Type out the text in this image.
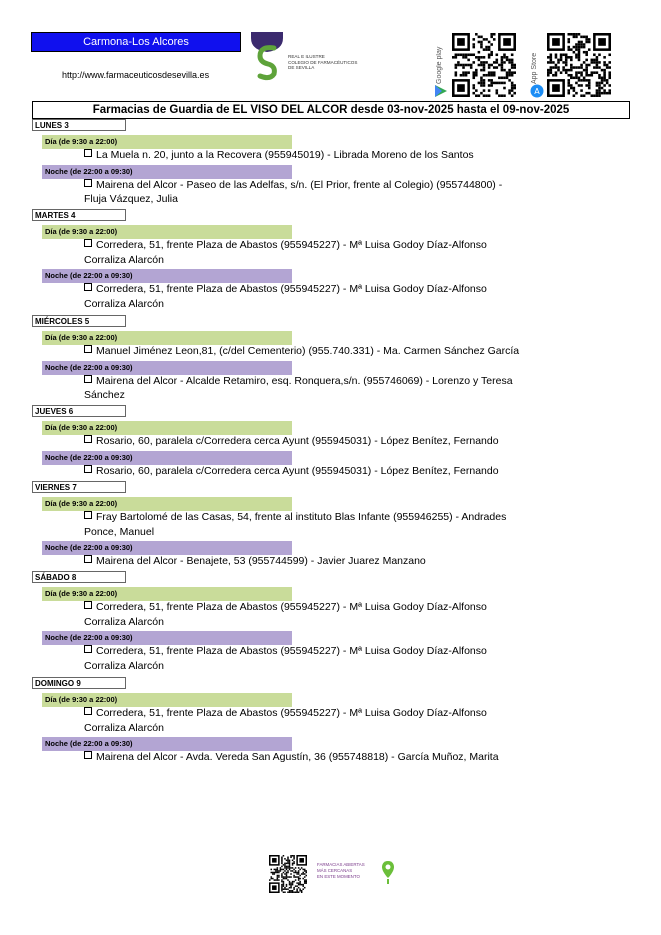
Carmona-Los Alcores
http://www.farmaceuticosdesevilla.es
REAL E ILUSTRE
COLEGIO DE FARMACÉUTICOS
DE SEVILLA	Google play	App Store
A
Farmacias de Guardia de EL VISO DEL ALCOR desde 03-nov-2025 hasta el 09-nov-2025
LUNES 3
Día (de 9:30 a 22:00)
La Muela n. 20, junto a la Recovera (955945019) - Librada Moreno de los Santos
Noche (de 22:00 a 09:30)
Mairena del Alcor - Paseo de las Adelfas, s/n. (El Prior, frente al Colegio) (955744800) -
Fluja Vázquez, Julia
MARTES 4
Día (de 9:30 a 22:00)
Corredera, 51, frente Plaza de Abastos (955945227) - Mª Luisa Godoy Díaz-Alfonso
Corraliza Alarcón
Noche (de 22:00 a 09:30)
Corredera, 51, frente Plaza de Abastos (955945227) - Mª Luisa Godoy Díaz-Alfonso
Corraliza Alarcón
MIÉRCOLES 5
Día (de 9:30 a 22:00)
Manuel Jiménez Leon,81, (c/del Cementerio) (955.740.331) - Ma. Carmen Sánchez García
Noche (de 22:00 a 09:30)
Mairena del Alcor - Alcalde Retamiro, esq. Ronquera,s/n. (955746069) - Lorenzo y Teresa
Sánchez
JUEVES 6
Día (de 9:30 a 22:00)
Rosario, 60, paralela c/Corredera cerca Ayunt (955945031) - López Benítez, Fernando
Noche (de 22:00 a 09:30)
Rosario, 60, paralela c/Corredera cerca Ayunt (955945031) - López Benítez, Fernando
VIERNES 7
Día (de 9:30 a 22:00)
Fray Bartolomé de las Casas, 54, frente al instituto Blas Infante (955946255) - Andrades
Ponce, Manuel
Noche (de 22:00 a 09:30)
Mairena del Alcor - Benajete, 53 (955744599) - Javier Juarez Manzano
SÁBADO 8
Día (de 9:30 a 22:00)
Corredera, 51, frente Plaza de Abastos (955945227) - Mª Luisa Godoy Díaz-Alfonso
Corraliza Alarcón
Noche (de 22:00 a 09:30)
Corredera, 51, frente Plaza de Abastos (955945227) - Mª Luisa Godoy Díaz-Alfonso
Corraliza Alarcón
DOMINGO 9
Día (de 9:30 a 22:00)
Corredera, 51, frente Plaza de Abastos (955945227) - Mª Luisa Godoy Díaz-Alfonso
Corraliza Alarcón
Noche (de 22:00 a 09:30)
Mairena del Alcor - Avda. Vereda San Agustín, 36 (955748818) - García Muñoz, Marita
FARMACIAS ABIERTAS
MÁS CERCANAS
EN ESTE MOMENTO
